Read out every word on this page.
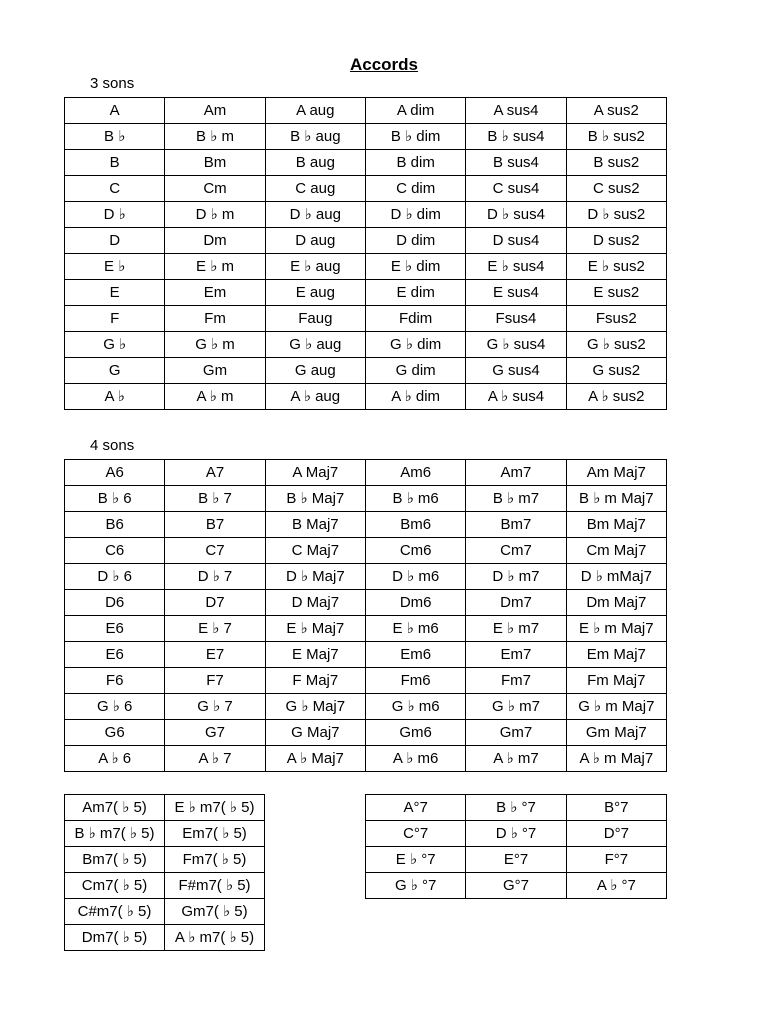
Accords
3 sons
4 sons
A	Am	A aug	A dim	A sus4	A sus2
B ♭	B ♭ m	B ♭ aug	B ♭ dim	B ♭ sus4	B ♭ sus2
B	Bm	B aug	B dim	B sus4	B sus2
C	Cm	C aug	C dim	C sus4	C sus2
D ♭	D ♭ m	D ♭ aug	D ♭ dim	D ♭ sus4	D ♭ sus2
D	Dm	D aug	D dim	D sus4	D sus2
E ♭	E ♭ m	E ♭ aug	E ♭ dim	E ♭ sus4	E ♭ sus2
E	Em	E aug	E dim	E sus4	E sus2
F	Fm	Faug	Fdim	Fsus4	Fsus2
G ♭	G ♭ m	G ♭ aug	G ♭ dim	G ♭ sus4	G ♭ sus2
G	Gm	G aug	G dim	G sus4	G sus2
A ♭	A ♭ m	A ♭ aug	A ♭ dim	A ♭ sus4	A ♭ sus2
A6	A7	A Maj7	Am6	Am7	Am Maj7
B ♭ 6	B ♭ 7	B ♭ Maj7	B ♭ m6	B ♭ m7	B ♭ m Maj7
B6	B7	B Maj7	Bm6	Bm7	Bm Maj7
C6	C7	C Maj7	Cm6	Cm7	Cm Maj7
D ♭ 6	D ♭ 7	D ♭ Maj7	D ♭ m6	D ♭ m7	D ♭ mMaj7
D6	D7	D Maj7	Dm6	Dm7	Dm Maj7
E6	E ♭ 7	E ♭ Maj7	E ♭ m6	E ♭ m7	E ♭ m Maj7
E6	E7	E Maj7	Em6	Em7	Em Maj7
F6	F7	F Maj7	Fm6	Fm7	Fm Maj7
G ♭ 6	G ♭ 7	G ♭ Maj7	G ♭ m6	G ♭ m7	G ♭ m Maj7
G6	G7	G Maj7	Gm6	Gm7	Gm Maj7
A ♭ 6	A ♭ 7	A ♭ Maj7	A ♭ m6	A ♭ m7	A ♭ m Maj7
Am7( ♭ 5)	E ♭ m7( ♭ 5)
B ♭ m7( ♭ 5)	Em7( ♭ 5)
Bm7( ♭ 5)	Fm7( ♭ 5)
Cm7( ♭ 5)	F#m7( ♭ 5)
C#m7( ♭ 5)	Gm7( ♭ 5)
Dm7( ♭ 5)	A ♭ m7( ♭ 5)
A°7	B ♭ °7	B°7
C°7	D ♭ °7	D°7
E ♭ °7	E°7	F°7
G ♭ °7	G°7	A ♭ °7
